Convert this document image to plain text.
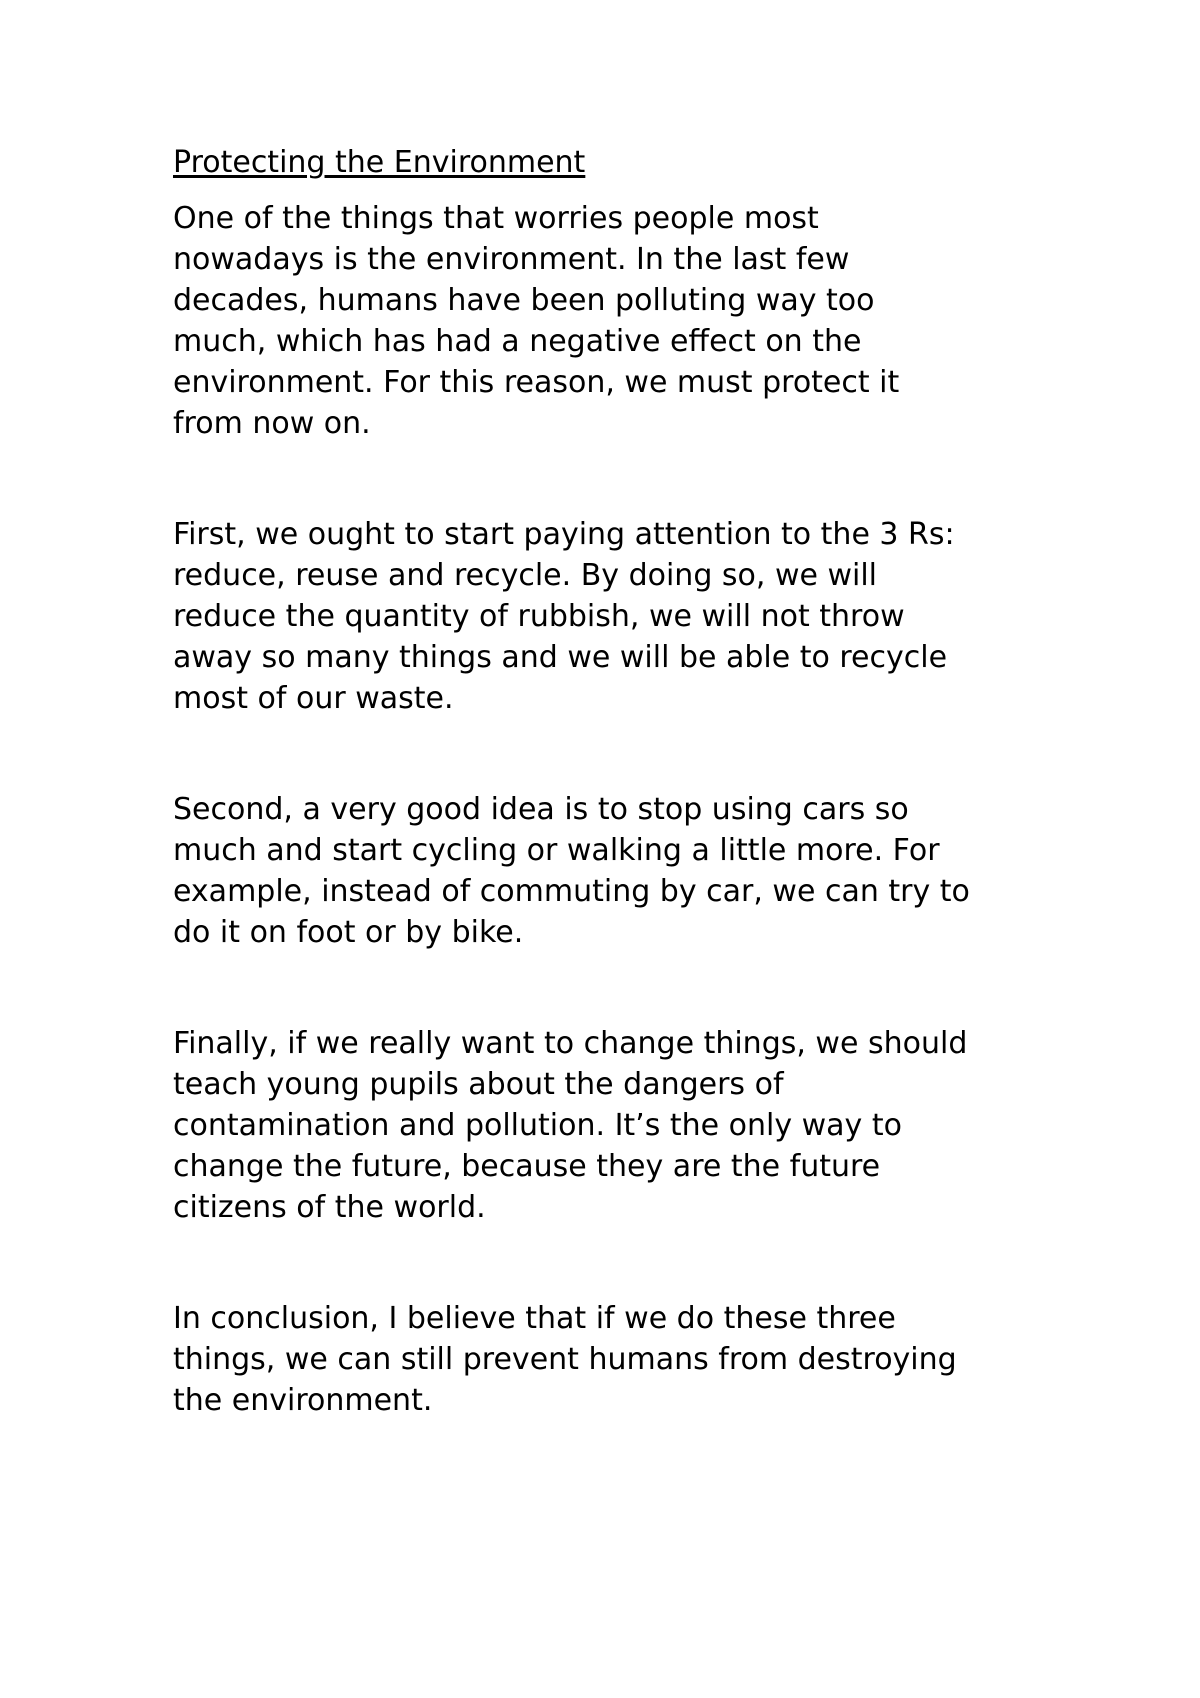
Protecting the Environment

One of the things that worries people most
nowadays is the environment. In the last few
decades, humans have been polluting way too
much, which has had a negative effect on the
environment. For this reason, we must protect it
from now on.

First, we ought to start paying attention to the 3 Rs:
reduce, reuse and recycle. By doing so, we will
reduce the quantity of rubbish, we will not throw
away so many things and we will be able to recycle
most of our waste.

Second, a very good idea is to stop using cars so
much and start cycling or walking a little more. For
example, instead of commuting by car, we can try to
do it on foot or by bike.

Finally, if we really want to change things, we should
teach young pupils about the dangers of
contamination and pollution. It’s the only way to
change the future, because they are the future
citizens of the world.

In conclusion, I believe that if we do these three
things, we can still prevent humans from destroying
the environment.
